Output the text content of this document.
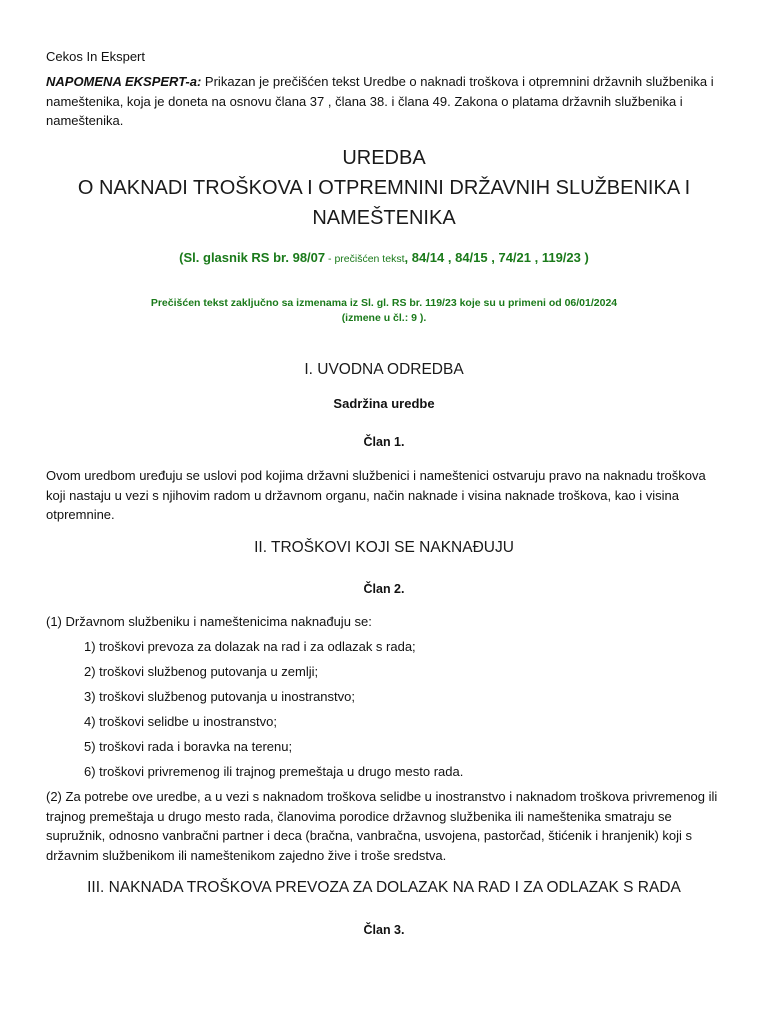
Cekos In Ekspert

NAPOMENA EKSPERT-a: Prikazan je prečišćen tekst Uredbe o naknadi troškova i otpremnini državnih službenika i nameštenika, koja je doneta na osnovu člana 37 , člana 38. i člana 49. Zakona o platama državnih službenika i nameštenika.

UREDBA
O NAKNADI TROŠKOVA I OTPREMNINI DRŽAVNIH SLUŽBENIKA I NAMEŠTENIKA
(Sl. glasnik RS br. 98/07 - prečišćen tekst, 84/14 , 84/15 , 74/21 , 119/23 )
Prečišćen tekst zaključno sa izmenama iz Sl. gl. RS br. 119/23 koje su u primeni od 06/01/2024
(izmene u čl.: 9 ).
I. UVODNA ODREDBA
Sadržina uredbe
Član 1.

Ovom uredbom uređuju se uslovi pod kojima državni službenici i nameštenici ostvaruju pravo na naknadu troškova koji nastaju u vezi s njihovim radom u državnom organu, način naknade i visina naknade troškova, kao i visina otpremnine.

II. TROŠKOVI KOJI SE NAKNAĐUJU
Član 2.

(1) Državnom službeniku i nameštenicima naknađuju se:

1) troškovi prevoza za dolazak na rad i za odlazak s rada;
2) troškovi službenog putovanja u zemlji;
3) troškovi službenog putovanja u inostranstvo;
4) troškovi selidbe u inostranstvo;
5) troškovi rada i boravka na terenu;
6) troškovi privremenog ili trajnog premeštaja u drugo mesto rada.

(2) Za potrebe ove uredbe, a u vezi s naknadom troškova selidbe u inostranstvo i naknadom troškova privremenog ili trajnog premeštaja u drugo mesto rada, članovima porodice državnog službenika ili nameštenika smatraju se supružnik, odnosno vanbračni partner i deca (bračna, vanbračna, usvojena, pastorčad, štićenik i hranjenik) koji s državnim službenikom ili nameštenikom zajedno žive i troše sredstva.

III. NAKNADA TROŠKOVA PREVOZA ZA DOLAZAK NA RAD I ZA ODLAZAK S RADA
Član 3.
